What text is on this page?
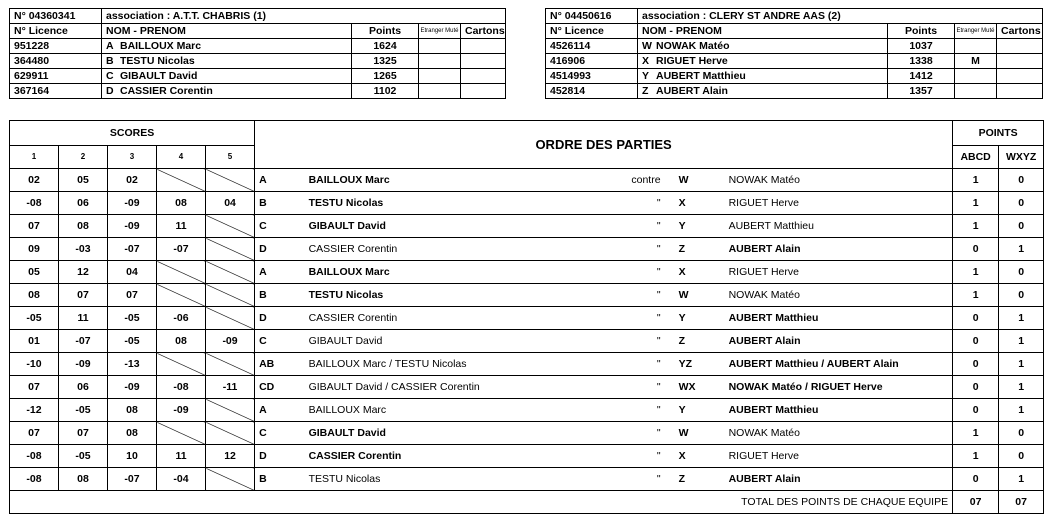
N° 04360341	association : A.T.T. CHABRIS (1)			
N° Licence	NOM - PRENOM	Points	Etranger Muté	Cartons
951228	A BAILLOUX Marc	1624		
364480	B TESTU Nicolas	1325		
629911	C GIBAULT David	1265		
367164	D CASSIER Corentin	1102		
N° 04450616	association : CLERY ST ANDRE AAS (2)			
N° Licence	NOM - PRENOM	Points	Etranger Muté	Cartons
4526114	W NOWAK Matéo	1037		
416906	X RIGUET Herve	1338	M	
4514993	Y AUBERT Matthieu	1412		
452814	Z AUBERT Alain	1357		
SCORES					ORDRE DES PARTIES					POINTS	
1	2	3	4	5						ABCD	WXYZ
02	05	02			A	BAILLOUX Marc	contre	W	NOWAK Matéo	1	0
-08	06	-09	08	04	B	TESTU Nicolas	"	X	RIGUET Herve	1	0
07	08	-09	11		C	GIBAULT David	"	Y	AUBERT Matthieu	1	0
09	-03	-07	-07		D	CASSIER Corentin	"	Z	AUBERT Alain	0	1
05	12	04			A	BAILLOUX Marc	"	X	RIGUET Herve	1	0
08	07	07			B	TESTU Nicolas	"	W	NOWAK Matéo	1	0
-05	11	-05	-06		D	CASSIER Corentin	"	Y	AUBERT Matthieu	0	1
01	-07	-05	08	-09	C	GIBAULT David	"	Z	AUBERT Alain	0	1
-10	-09	-13			AB	BAILLOUX Marc / TESTU Nicolas	"	YZ	AUBERT Matthieu / AUBERT Alain	0	1
07	06	-09	-08	-11	CD	GIBAULT David / CASSIER Corentin	"	WX	NOWAK Matéo / RIGUET Herve	0	1
-12	-05	08	-09		A	BAILLOUX Marc	"	Y	AUBERT Matthieu	0	1
07	07	08			C	GIBAULT David	"	W	NOWAK Matéo	1	0
-08	-05	10	11	12	D	CASSIER Corentin	"	X	RIGUET Herve	1	0
-08	08	-07	-04		B	TESTU Nicolas	"	Z	AUBERT Alain	0	1
TOTAL DES POINTS DE CHAQUE EQUIPE										07	07
